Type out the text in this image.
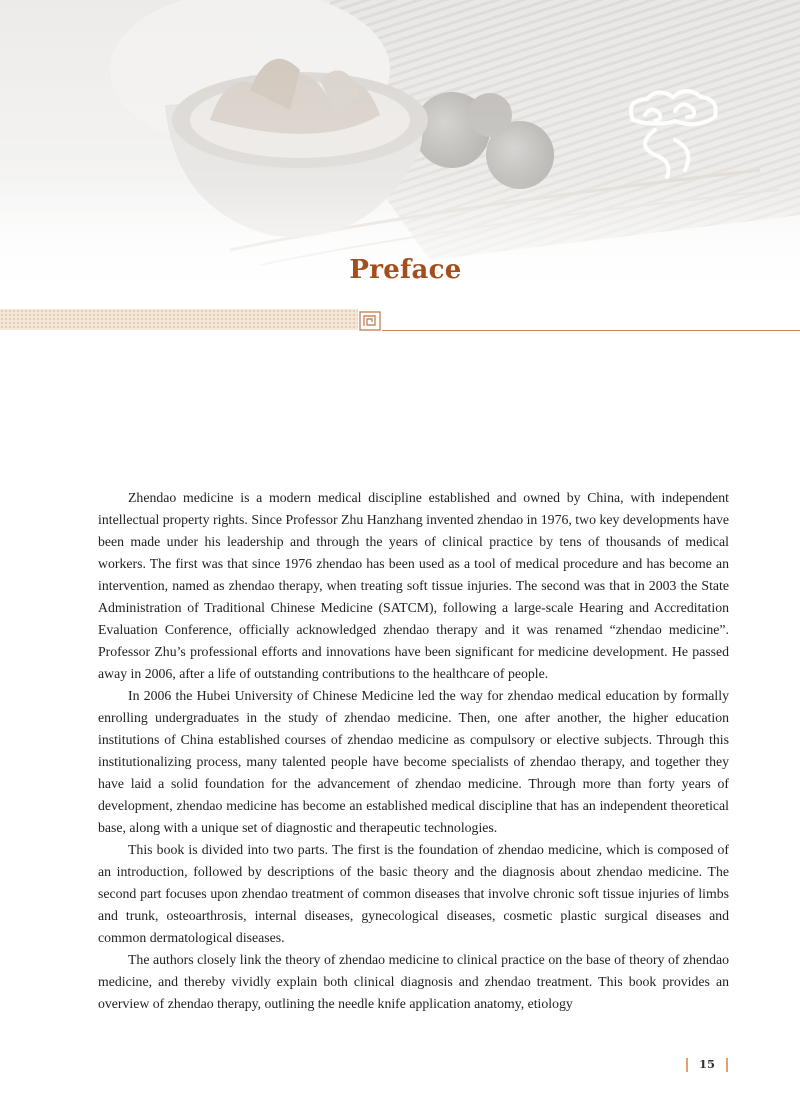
Preface

Zhendao medicine is a modern medical discipline established and owned by China, with independent intellectual property rights. Since Professor Zhu Hanzhang invented zhendao in 1976, two key developments have been made under his leadership and through the years of clinical practice by tens of thousands of medical workers. The first was that since 1976 zhendao has been used as a tool of medical procedure and has become an intervention, named as zhendao therapy, when treating soft tissue injuries. The second was that in 2003 the State Administration of Traditional Chinese Medicine (SATCM), following a large-scale Hearing and Accreditation Evaluation Conference, officially acknowledged zhendao therapy and it was renamed “zhendao medicine”. Professor Zhu’s professional efforts and innovations have been significant for medicine development. He passed away in 2006, after a life of outstanding contributions to the healthcare of people.

In 2006 the Hubei University of Chinese Medicine led the way for zhendao medical education by formally enrolling undergraduates in the study of zhendao medicine. Then, one after another, the higher education institutions of China established courses of zhendao medicine as compulsory or elective subjects. Through this institutionalizing process, many talented people have become specialists of zhendao therapy, and together they have laid a solid foundation for the advancement of zhendao medicine. Through more than forty years of development, zhendao medicine has become an established medical discipline that has an independent theoretical base, along with a unique set of diagnostic and therapeutic technologies.

This book is divided into two parts. The first is the foundation of zhendao medicine, which is composed of an introduction, followed by descriptions of the basic theory and the diagnosis about zhendao medicine. The second part focuses upon zhendao treatment of common diseases that involve chronic soft tissue injuries of limbs and trunk, osteoarthrosis, internal diseases, gynecological diseases, cosmetic plastic surgical diseases and common dermatological diseases.

The authors closely link the theory of zhendao medicine to clinical practice on the base of theory of zhendao medicine, and thereby vividly explain both clinical diagnosis and zhendao treatment. This book provides an overview of zhendao therapy, outlining the needle knife application anatomy, etiology

15
